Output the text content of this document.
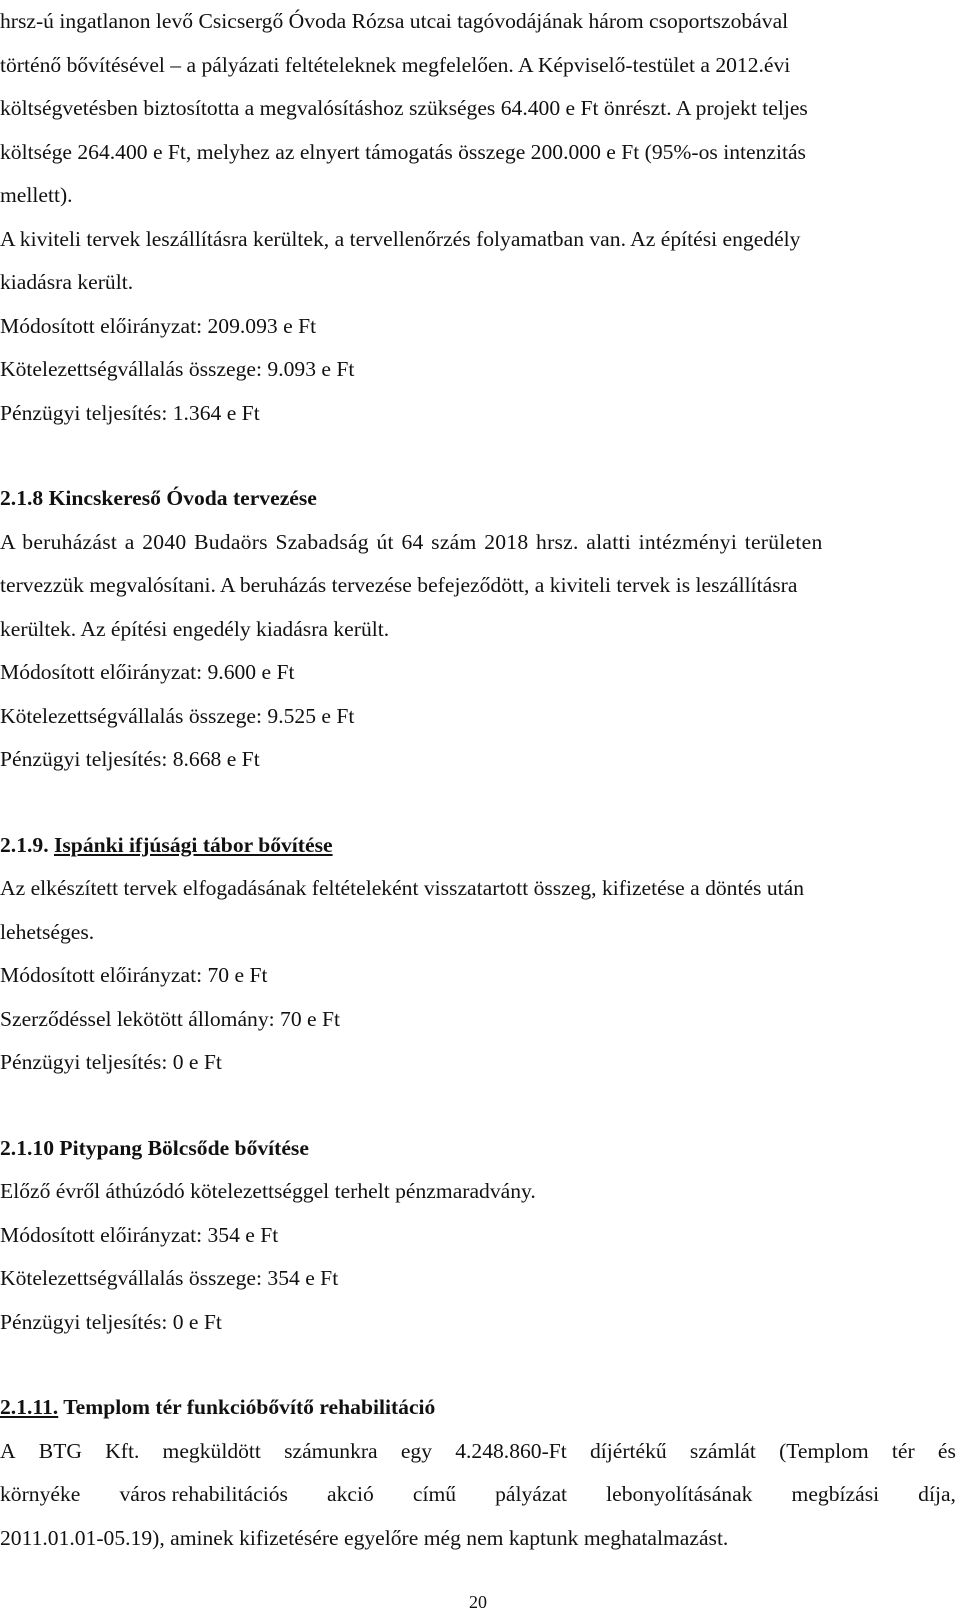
hrsz-ú ingatlanon levő Csicsergő Óvoda Rózsa utcai tagóvodájának három csoportszobával
történő bővítésével – a pályázati feltételeknek megfelelően. A Képviselő-testület a 2012.évi
költségvetésben biztosította a megvalósításhoz szükséges 64.400 e Ft önrészt. A projekt teljes
költsége 264.400 e Ft, melyhez az elnyert támogatás összege 200.000 e Ft (95%-os intenzitás
mellett).
A kiviteli tervek leszállításra kerültek, a tervellenőrzés folyamatban van. Az építési engedély
kiadásra került.
Módosított előirányzat: 209.093 e Ft
Kötelezettségvállalás összege: 9.093 e Ft
Pénzügyi teljesítés: 1.364 e Ft
2.1.8 Kincskereső Óvoda tervezése
A beruházást a 2040 Budaörs Szabadság út 64 szám 2018 hrsz. alatti intézményi területen
tervezzük megvalósítani. A beruházás tervezése befejeződött, a kiviteli tervek is leszállításra
kerültek. Az építési engedély kiadásra került.
Módosított előirányzat: 9.600 e Ft
Kötelezettségvállalás összege: 9.525 e Ft
Pénzügyi teljesítés: 8.668 e Ft
2.1.9. Ispánki ifjúsági tábor bővítése
Az elkészített tervek elfogadásának feltételeként visszatartott összeg, kifizetése a döntés után
lehetséges.
Módosított előirányzat: 70 e Ft
Szerződéssel lekötött állomány: 70 e Ft
Pénzügyi teljesítés: 0 e Ft
2.1.10 Pitypang Bölcsőde bővítése
Előző évről áthúzódó kötelezettséggel terhelt pénzmaradvány.
Módosított előirányzat: 354 e Ft
Kötelezettségvállalás összege: 354 e Ft
Pénzügyi teljesítés: 0 e Ft
2.1.11. Templom tér funkcióbővítő rehabilitáció
A BTG Kft. megküldött számunkra egy 4.248.860-Ft díjértékű számlát (Templom tér és
környéke város rehabilitációs akció című pályázat lebonyolításának megbízási díja,
2011.01.01-05.19), aminek kifizetésére egyelőre még nem kaptunk meghatalmazást.
20
